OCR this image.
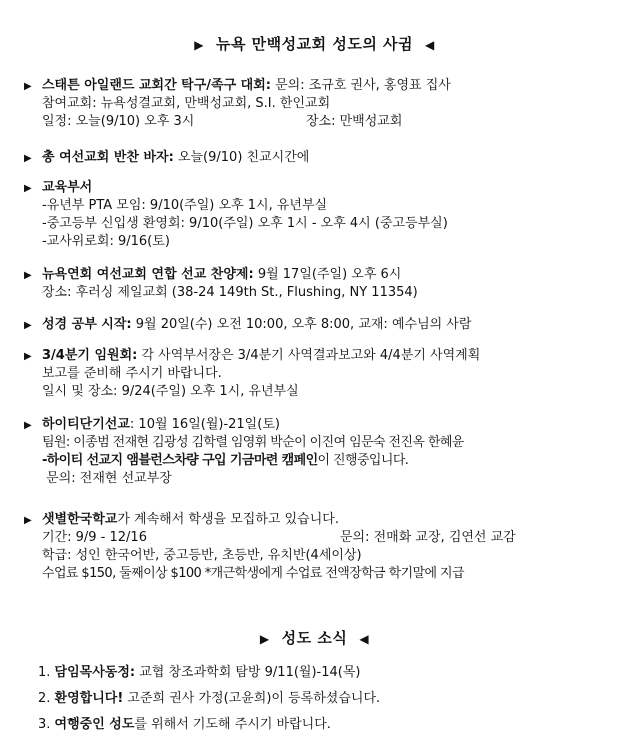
▶ 뉴욕 만백성교회 성도의 사귐 ◀
▶ 스태튼 아일랜드 교회간 탁구/족구 대회: 문의: 조규호 권사, 홍영표 집사
참여교회: 뉴욕성결교회, 만백성교회, S.I. 한인교회
일정: 오늘(9/10) 오후 3시	장소: 만백성교회
▶ 총 여선교회 반찬 바자: 오늘(9/10) 친교시간에
▶ 교육부서
-유년부 PTA 모임: 9/10(주일) 오후 1시, 유년부실
-중고등부 신입생 환영회: 9/10(주일) 오후 1시 - 오후 4시 (중고등부실)
-교사위로회: 9/16(토)
▶ 뉴욕연회 여선교회 연합 선교 찬양제: 9월 17일(주일) 오후 6시
장소: 후러싱 제일교회 (38-24 149th St., Flushing, NY 11354)
▶ 성경 공부 시작: 9월 20일(수) 오전 10:00, 오후 8:00, 교재: 예수님의 사람
▶ 3/4분기 임원회: 각 사역부서장은 3/4분기 사역결과보고와 4/4분기 사역계획
보고를 준비해 주시기 바랍니다.
일시 및 장소: 9/24(주일) 오후 1시, 유년부실
▶ 하이티단기선교: 10월 16일(월)-21일(토)
팀원: 이종범 전재현 김광성 김학렬 임영휘 박순이 이진여 임문숙 전진옥 한혜윤
-하이티 선교지 앰블런스차량 구입 기금마련 캠페인이 진행중입니다.
문의: 전재현 선교부장
▶ 샛별한국학교가 계속해서 학생을 모집하고 있습니다.
기간: 9/9 - 12/16	문의: 전매화 교장, 김연선 교감
학급: 성인 한국어반, 중고등반, 초등반, 유치반(4세이상)
수업료 $150, 둘째이상 $100 *개근학생에게 수업료 전액장학금 학기말에 지급
▶ 성도 소식 ◀
1. 담임목사동정: 교협 창조과학회 탐방 9/11(월)-14(목)
2. 환영합니다! 고준희 권사 가정(고윤희)이 등록하셨습니다.
3. 여행중인 성도를 위해서 기도해 주시기 바랍니다.
